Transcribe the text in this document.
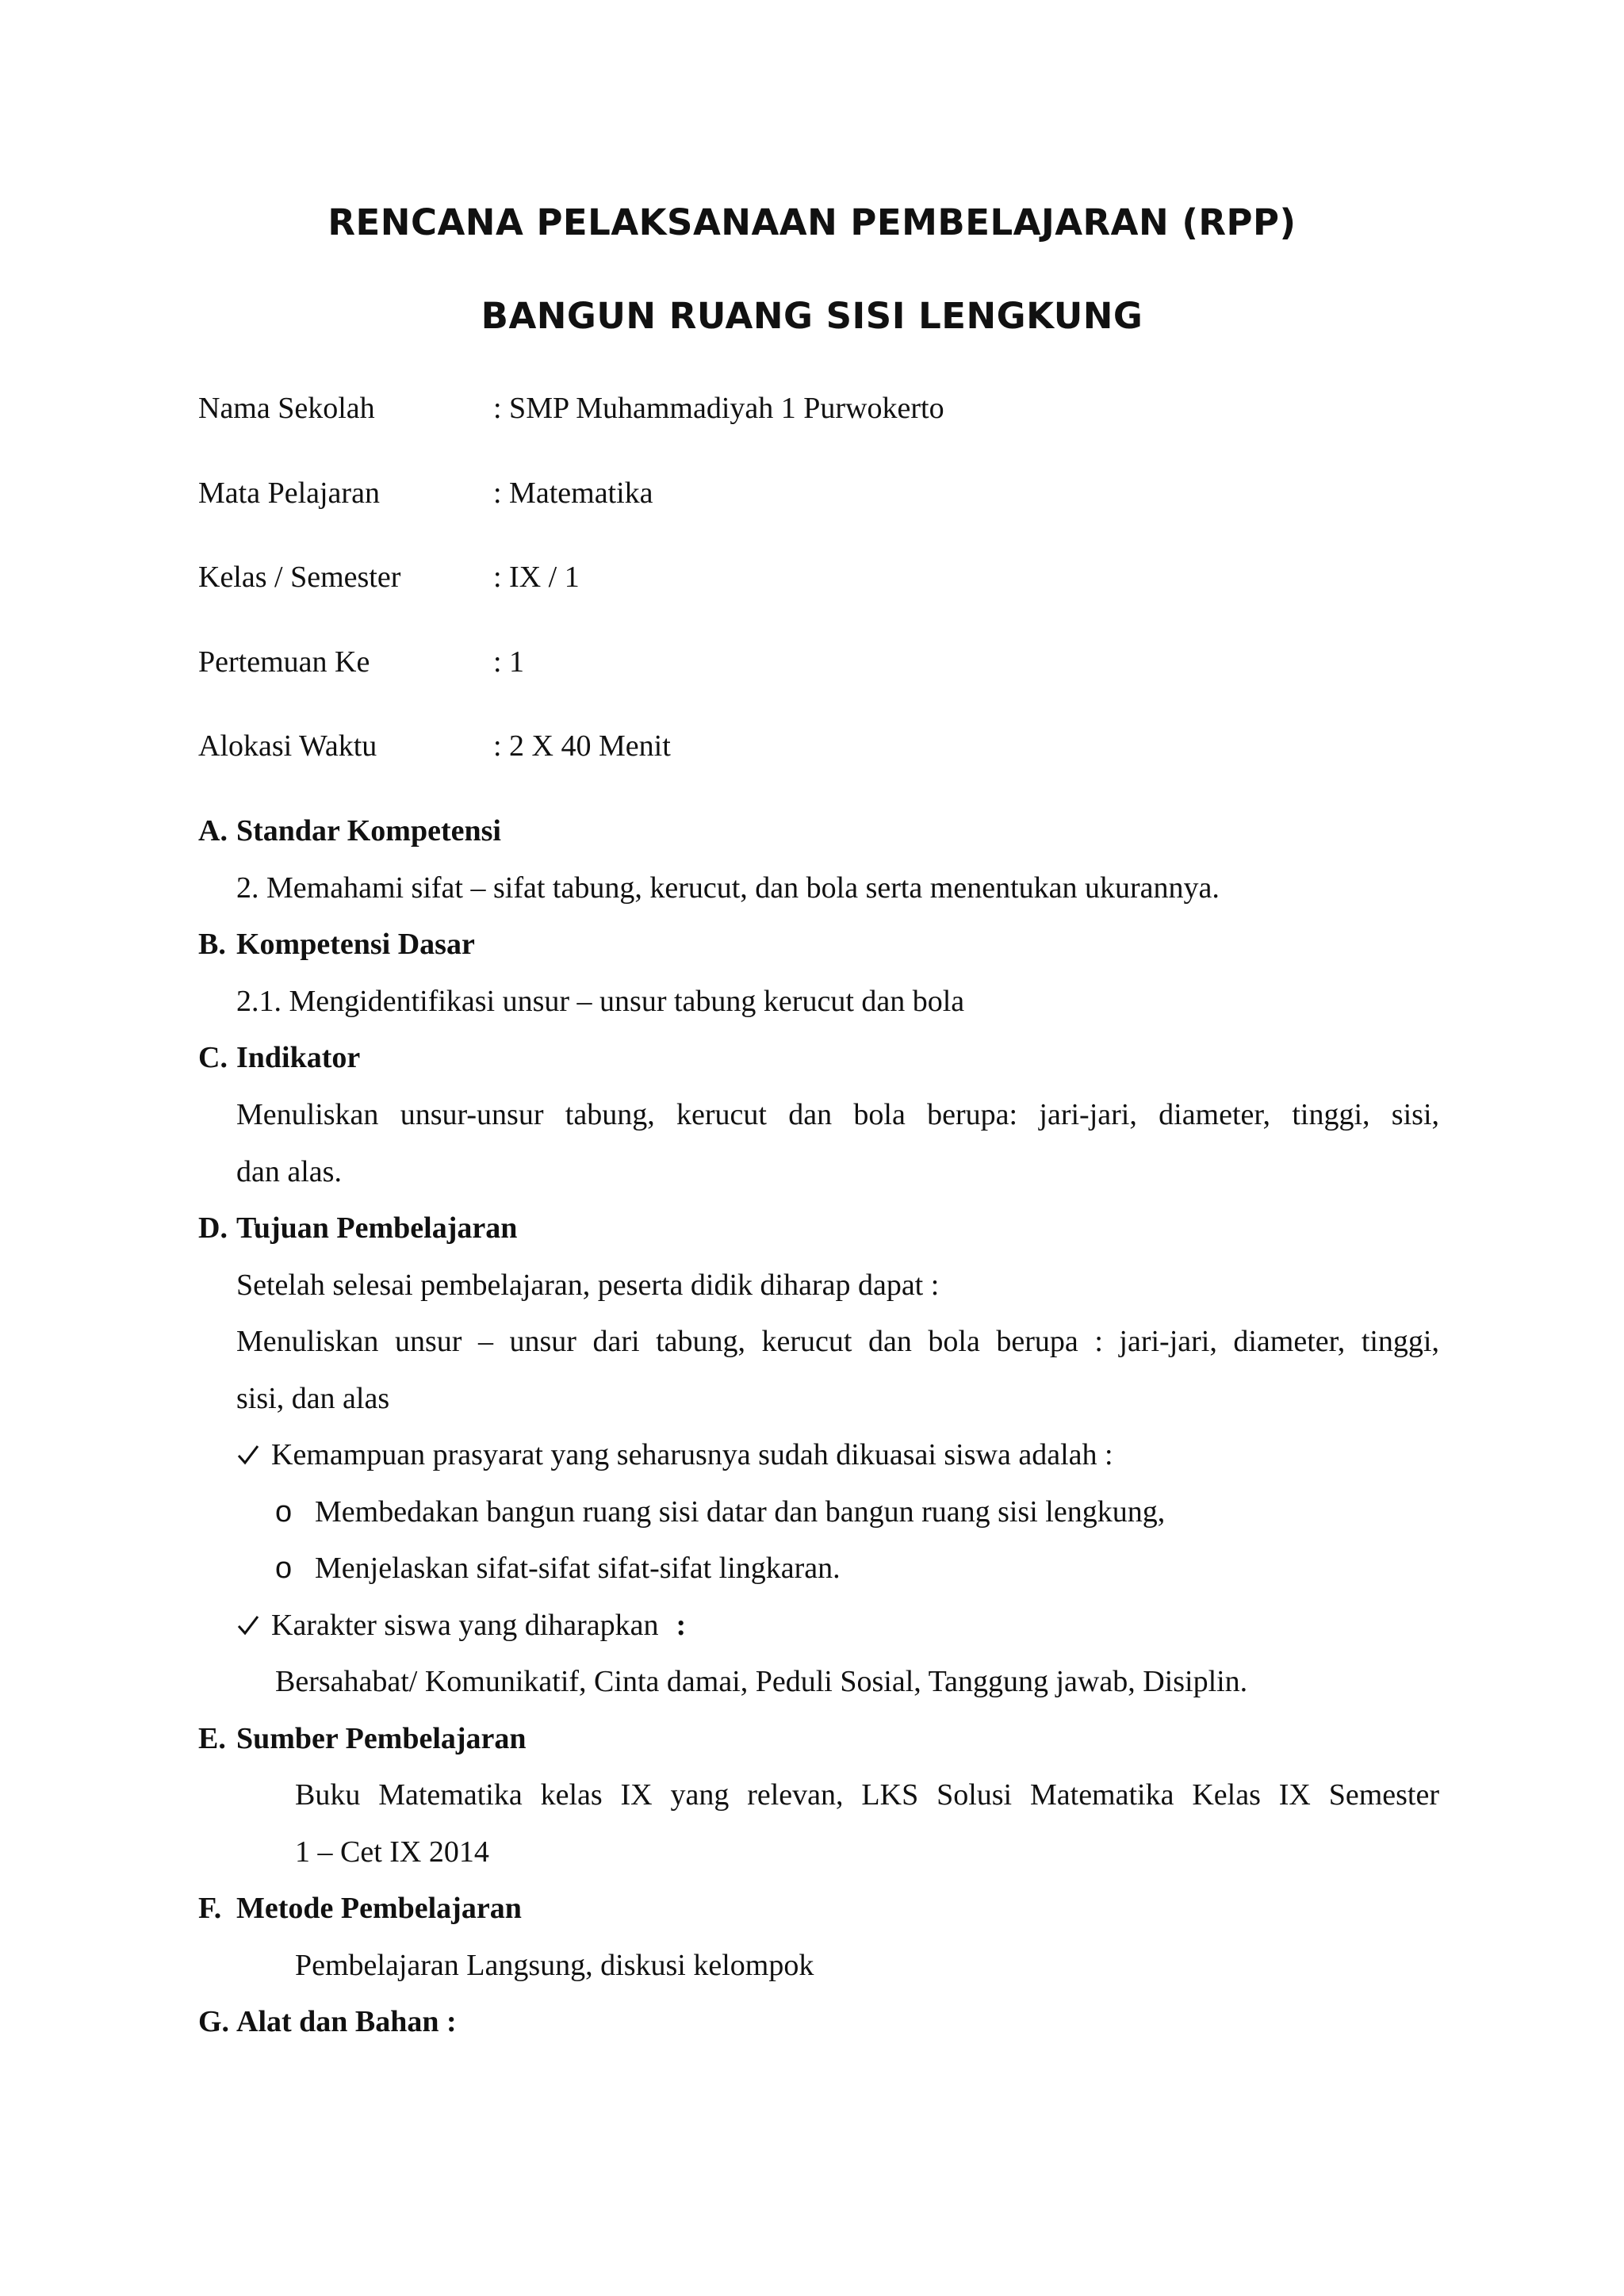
RENCANA PELAKSANAAN PEMBELAJARAN (RPP)
BANGUN RUANG SISI LENGKUNG
Nama Sekolah	: SMP Muhammadiyah 1 Purwokerto
Mata Pelajaran	: Matematika
Kelas / Semester	: IX / 1
Pertemuan Ke	: 1
Alokasi Waktu	: 2 X 40 Menit
A. Standar Kompetensi
2. Memahami sifat – sifat tabung, kerucut, dan bola serta menentukan ukurannya.
B. Kompetensi Dasar
2.1. Mengidentifikasi unsur – unsur tabung kerucut dan bola
C. Indikator
Menuliskan unsur-unsur tabung, kerucut dan bola berupa: jari-jari, diameter, tinggi, sisi,
dan alas.
D. Tujuan Pembelajaran
Setelah selesai pembelajaran, peserta didik diharap dapat :
Menuliskan unsur – unsur dari tabung, kerucut dan bola berupa : jari-jari, diameter, tinggi,
sisi, dan alas
Kemampuan prasyarat yang seharusnya sudah dikuasai siswa adalah :
o Membedakan bangun ruang sisi datar dan bangun ruang sisi lengkung,
o Menjelaskan sifat-sifat sifat-sifat lingkaran.
Karakter siswa yang diharapkan :
Bersahabat/ Komunikatif, Cinta damai, Peduli Sosial, Tanggung jawab, Disiplin.
E. Sumber Pembelajaran
Buku Matematika kelas IX yang relevan, LKS Solusi Matematika Kelas IX Semester
1 – Cet IX 2014
F. Metode Pembelajaran
Pembelajaran Langsung, diskusi kelompok
G. Alat dan Bahan :
